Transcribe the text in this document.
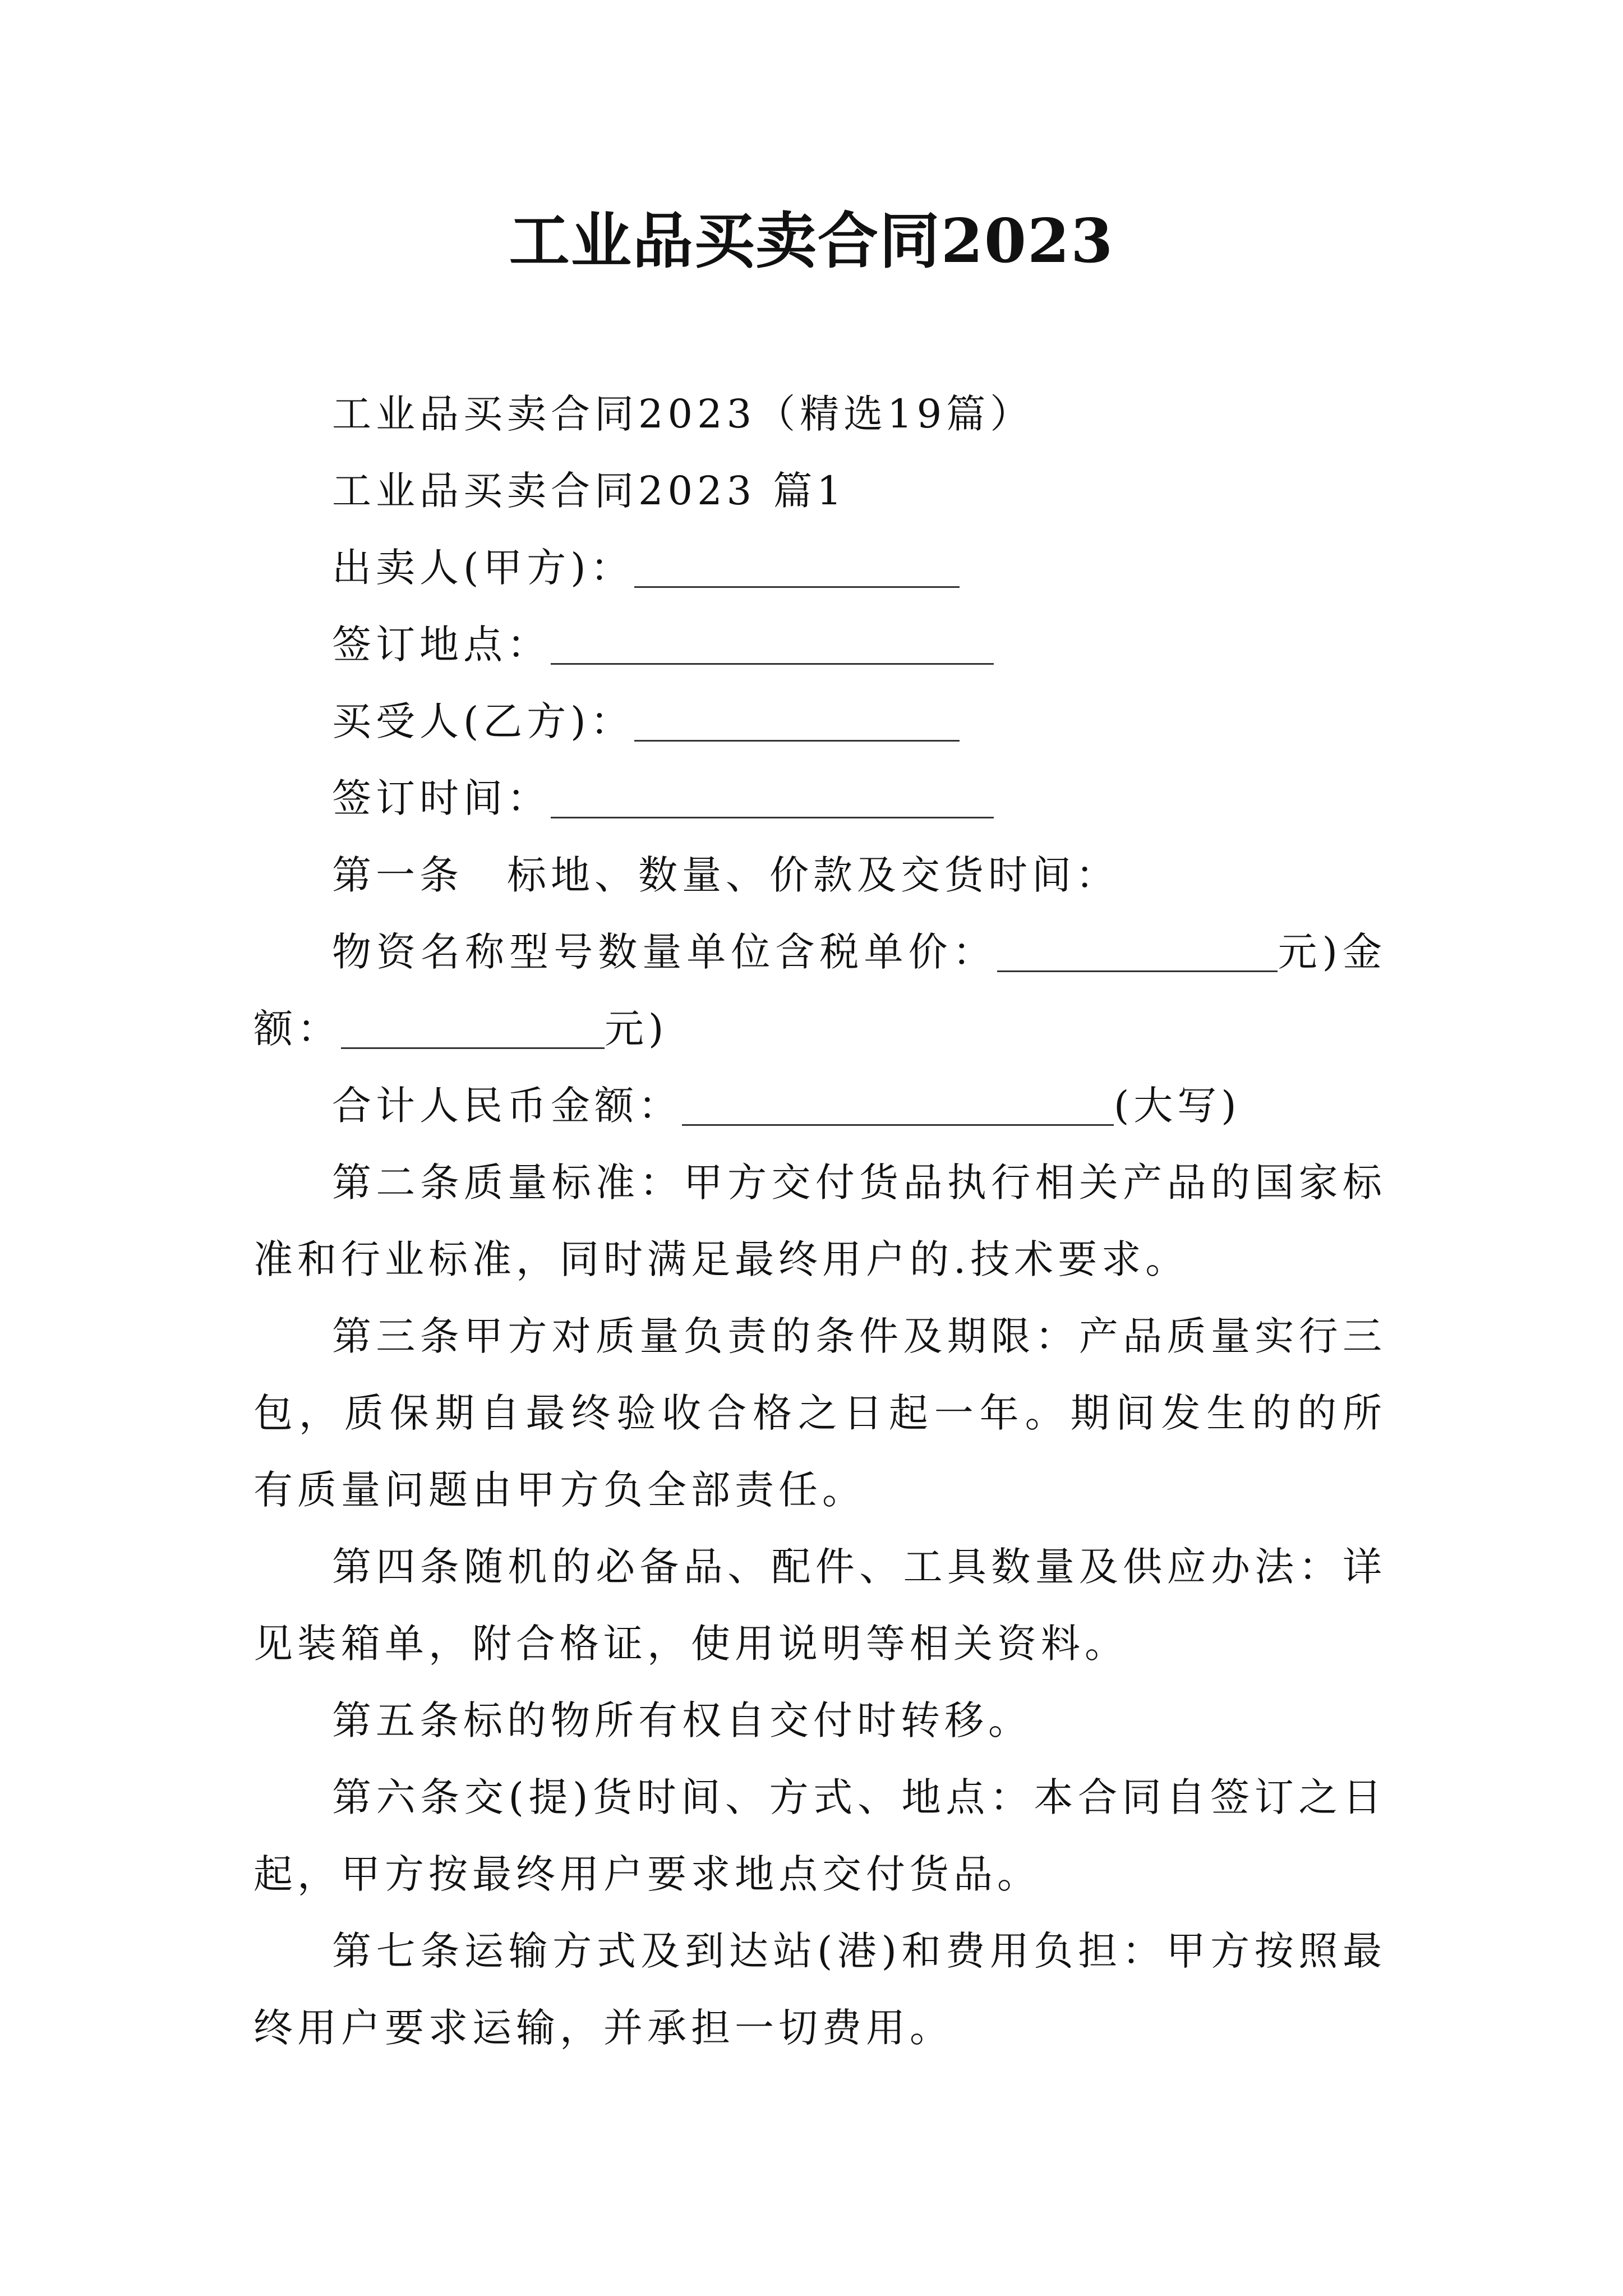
工业品买卖合同2023

工业品买卖合同2023（精选19篇）

工业品买卖合同2023 篇1

出卖人(甲方)：

签订地点：

买受人(乙方)：

签订时间：

第一条　标地、数量、价款及交货时间：

物资名称型号数量单位含税单价：	元)金额：	元)

合计人民币金额：	(大写)

第二条质量标准：甲方交付货品执行相关产品的国家标准和行业标准，同时满足最终用户的.技术要求。

第三条甲方对质量负责的条件及期限：产品质量实行三包，质保期自最终验收合格之日起一年。期间发生的的所有质量问题由甲方负全部责任。

第四条随机的必备品、配件、工具数量及供应办法：详见装箱单，附合格证，使用说明等相关资料。

第五条标的物所有权自交付时转移。

第六条交(提)货时间、方式、地点：本合同自签订之日起，甲方按最终用户要求地点交付货品。

第七条运输方式及到达站(港)和费用负担：甲方按照最终用户要求运输，并承担一切费用。
